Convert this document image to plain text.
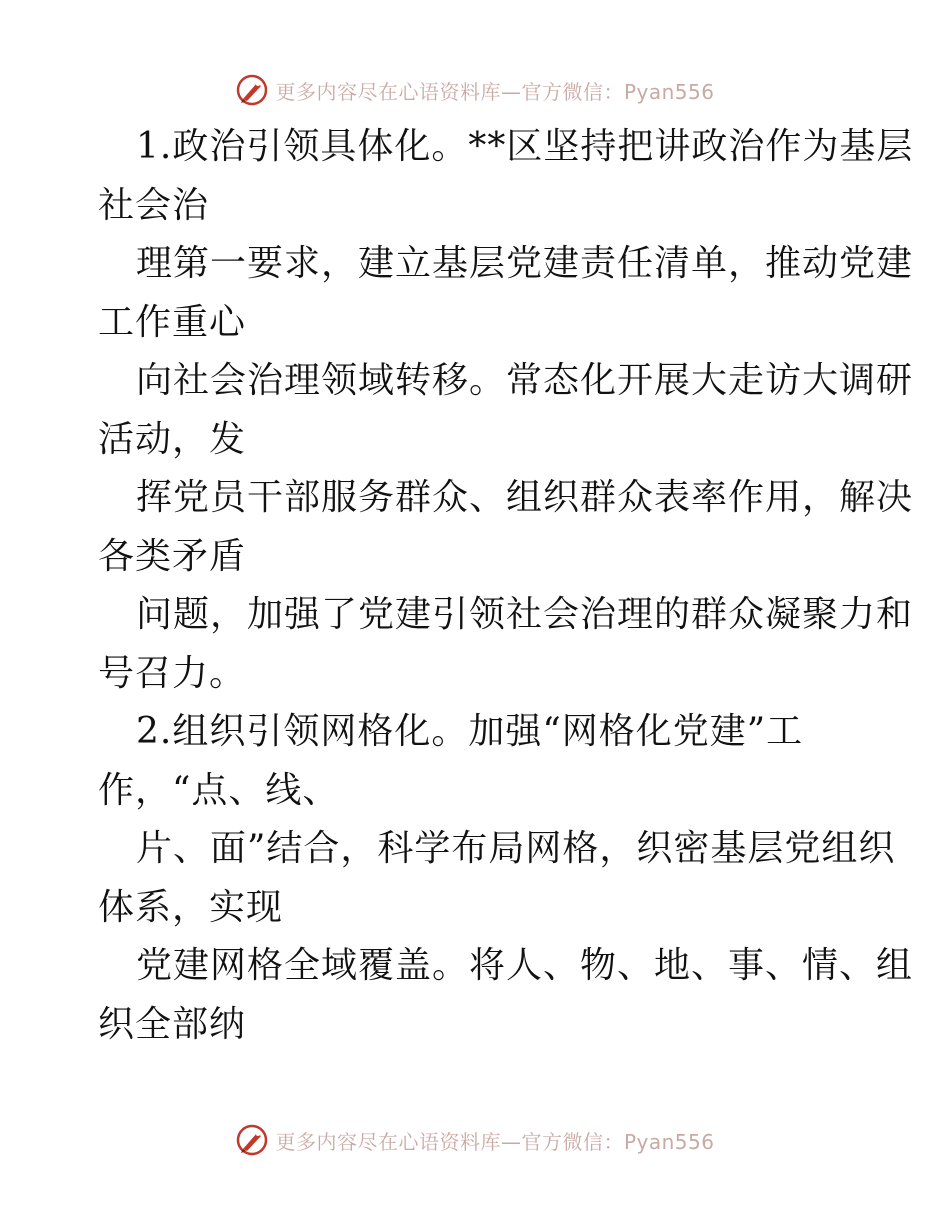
更多内容尽在心语资料库—官方微信：Pyan556
1.政治引领具体化。**区坚持把讲政治作为基层
社会治
理第一要求，建立基层党建责任清单，推动党建
工作重心
向社会治理领域转移。常态化开展大走访大调研
活动，发
挥党员干部服务群众、组织群众表率作用，解决
各类矛盾
问题，加强了党建引领社会治理的群众凝聚力和
号召力。
2.组织引领网格化。加强“网格化党建”工
作，“点、线、
片、面”结合，科学布局网格，织密基层党组织
体系，实现
党建网格全域覆盖。将人、物、地、事、情、组
织全部纳
更多内容尽在心语资料库—官方微信：Pyan556
